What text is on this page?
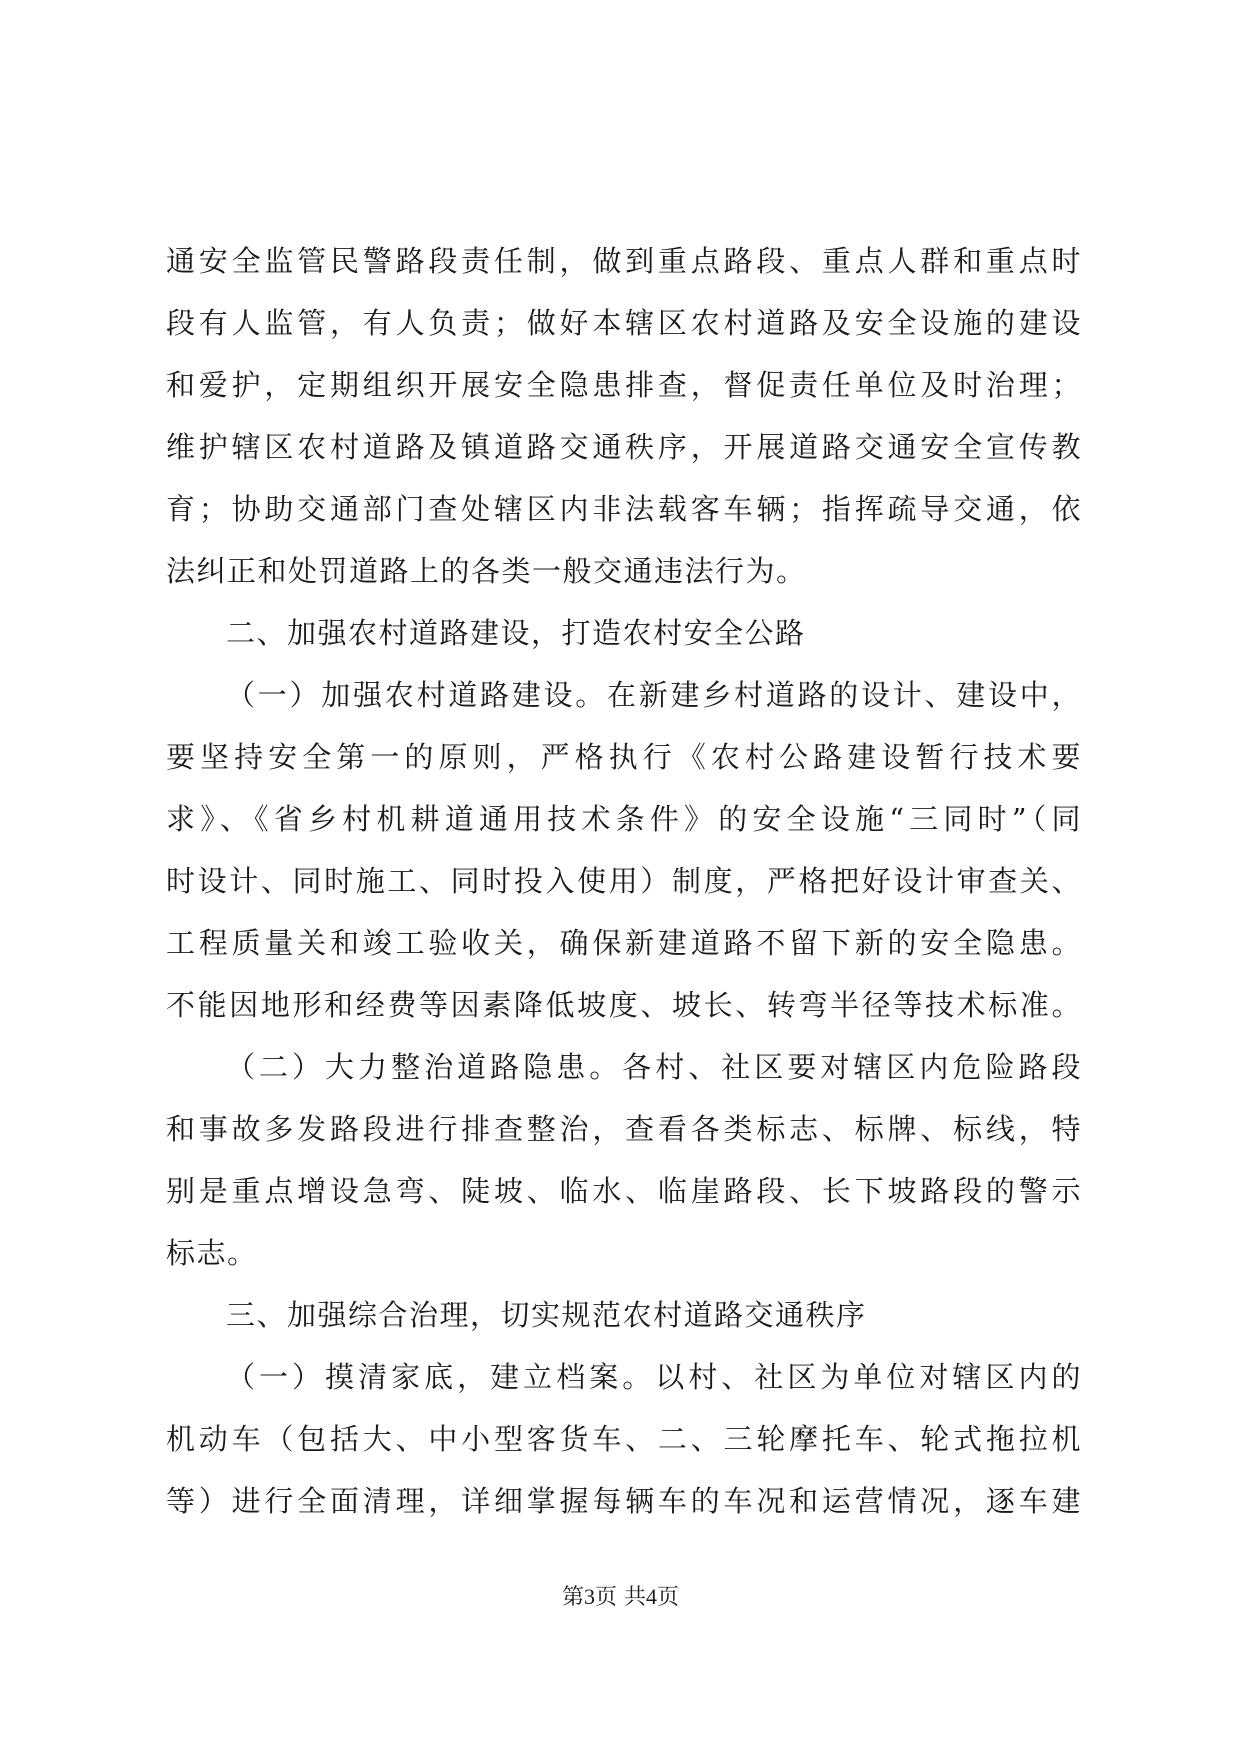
通安全监管民警路段责任制，做到重点路段、重点人群和重点时
段有人监管，有人负责；做好本辖区农村道路及安全设施的建设
和爱护，定期组织开展安全隐患排查，督促责任单位及时治理；
维护辖区农村道路及镇道路交通秩序，开展道路交通安全宣传教
育；协助交通部门查处辖区内非法载客车辆；指挥疏导交通，依
法纠正和处罚道路上的各类一般交通违法行为。
二、加强农村道路建设，打造农村安全公路
（一）加强农村道路建设。在新建乡村道路的设计、建设中，
要坚持安全第一的原则，严格执行《农村公路建设暂行技术要
求》、《省乡村机耕道通用技术条件》的安全设施“三同时”（同
时设计、同时施工、同时投入使用）制度，严格把好设计审查关、
工程质量关和竣工验收关，确保新建道路不留下新的安全隐患。
不能因地形和经费等因素降低坡度、坡长、转弯半径等技术标准。
（二）大力整治道路隐患。各村、社区要对辖区内危险路段
和事故多发路段进行排查整治，查看各类标志、标牌、标线，特
别是重点增设急弯、陡坡、临水、临崖路段、长下坡路段的警示
标志。
三、加强综合治理，切实规范农村道路交通秩序
（一）摸清家底，建立档案。以村、社区为单位对辖区内的
机动车（包括大、中小型客货车、二、三轮摩托车、轮式拖拉机
等）进行全面清理，详细掌握每辆车的车况和运营情况，逐车建
第3页 共4页
